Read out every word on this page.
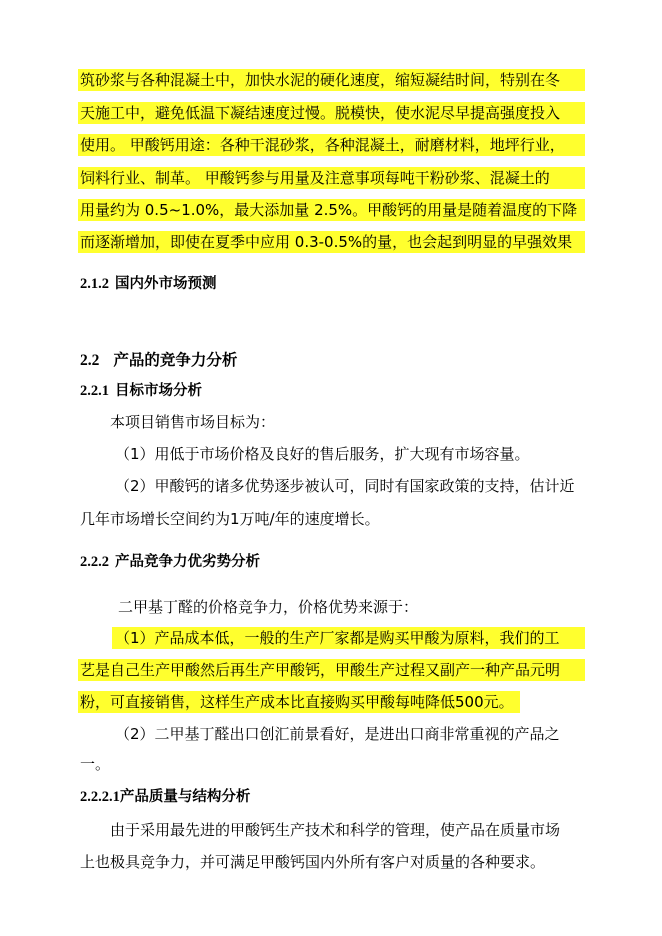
筑砂浆与各种混凝土中，加快水泥的硬化速度，缩短凝结时间，特别在冬
天施工中，避免低温下凝结速度过慢。脱模快，使水泥尽早提高强度投入
使用。 甲酸钙用途：各种干混砂浆，各种混凝土，耐磨材料，地坪行业，
饲料行业、制革。 甲酸钙参与用量及注意事项每吨干粉砂浆、混凝土的
用量约为 0.5~1.0%，最大添加量 2.5%。甲酸钙的用量是随着温度的下降
而逐渐增加，即使在夏季中应用 0.3-0.5%的量，也会起到明显的早强效果
2.1.2 国内外市场预测
2.2 产品的竞争力分析
2.2.1 目标市场分析
本项目销售市场目标为：
（1）用低于市场价格及良好的售后服务，扩大现有市场容量。
（2）甲酸钙的诸多优势逐步被认可，同时有国家政策的支持，估计近
几年市场增长空间约为1万吨/年的速度增长。
2.2.2 产品竞争力优劣势分析
二甲基丁醛的价格竞争力，价格优势来源于：
（1）产品成本低，一般的生产厂家都是购买甲酸为原料，我们的工
艺是自己生产甲酸然后再生产甲酸钙，甲酸生产过程又副产一种产品元明
粉，可直接销售，这样生产成本比直接购买甲酸每吨降低500元。
（2）二甲基丁醛出口创汇前景看好，是进出口商非常重视的产品之
一。
2.2.2.1产品质量与结构分析
由于采用最先进的甲酸钙生产技术和科学的管理，使产品在质量市场
上也极具竞争力，并可满足甲酸钙国内外所有客户对质量的各种要求。
